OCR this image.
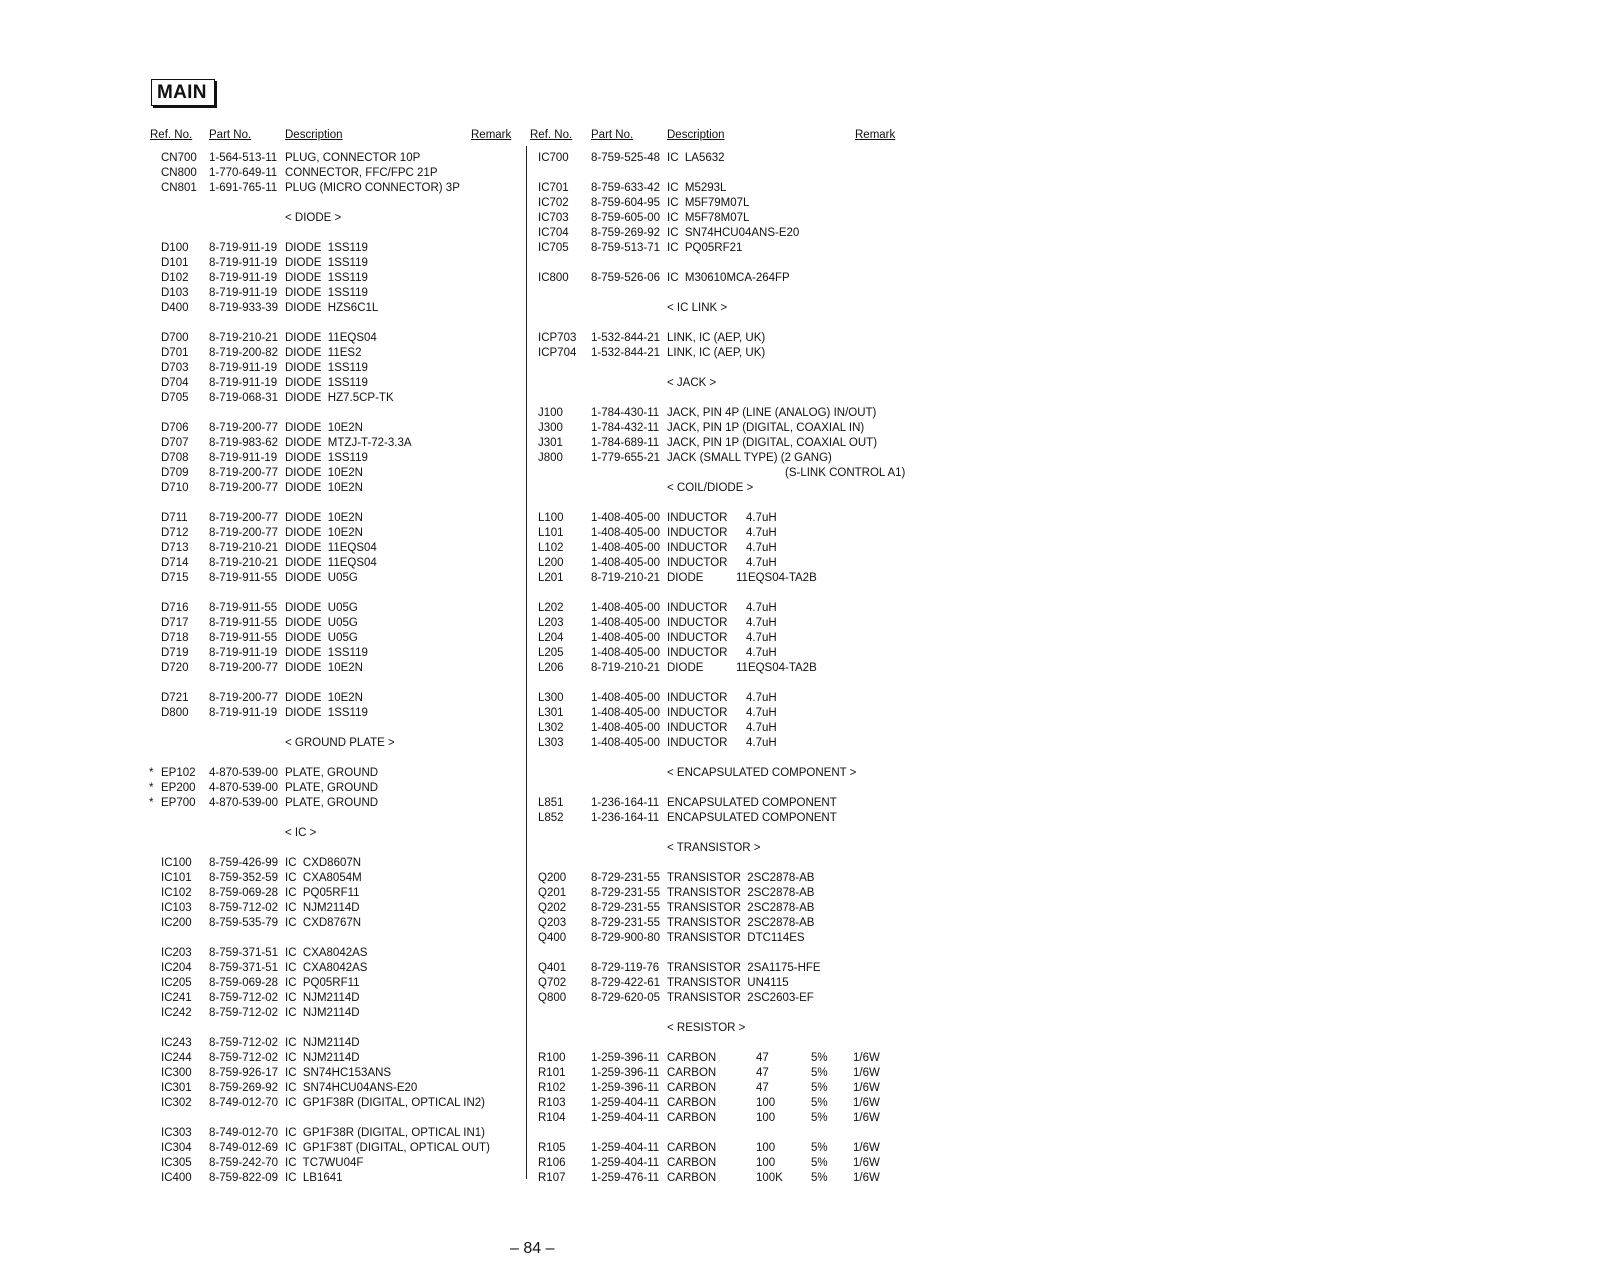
MAIN
Ref. No. Part No.	Description	Remark Ref. No. Part No.	Description	Remark
CN700 1-564-513-11 PLUG, CONNECTOR 10P
CN800 1-770-649-11 CONNECTOR, FFC/FPC 21P
CN801 1-691-765-11 PLUG (MICRO CONNECTOR) 3P
< DIODE >
D100 8-719-911-19 DIODE  1SS119
D101 8-719-911-19 DIODE  1SS119
D102 8-719-911-19 DIODE  1SS119
D103 8-719-911-19 DIODE  1SS119
D400 8-719-933-39 DIODE  HZS6C1L
D700 8-719-210-21 DIODE  11EQS04
D701 8-719-200-82 DIODE  11ES2
D703 8-719-911-19 DIODE  1SS119
D704 8-719-911-19 DIODE  1SS119
D705 8-719-068-31 DIODE  HZ7.5CP-TK
D706 8-719-200-77 DIODE  10E2N
D707 8-719-983-62 DIODE  MTZJ-T-72-3.3A
D708 8-719-911-19 DIODE  1SS119
D709 8-719-200-77 DIODE  10E2N
D710 8-719-200-77 DIODE  10E2N
D711 8-719-200-77 DIODE  10E2N
D712 8-719-200-77 DIODE  10E2N
D713 8-719-210-21 DIODE  11EQS04
D714 8-719-210-21 DIODE  11EQS04
D715 8-719-911-55 DIODE  U05G
D716 8-719-911-55 DIODE  U05G
D717 8-719-911-55 DIODE  U05G
D718 8-719-911-55 DIODE  U05G
D719 8-719-911-19 DIODE  1SS119
D720 8-719-200-77 DIODE  10E2N
D721 8-719-200-77 DIODE  10E2N
D800 8-719-911-19 DIODE  1SS119
< GROUND PLATE >
* EP102 4-870-539-00 PLATE, GROUND
* EP200 4-870-539-00 PLATE, GROUND
* EP700 4-870-539-00 PLATE, GROUND
< IC >
IC100 8-759-426-99 IC  CXD8607N
IC101 8-759-352-59 IC  CXA8054M
IC102 8-759-069-28 IC  PQ05RF11
IC103 8-759-712-02 IC  NJM2114D
IC200 8-759-535-79 IC  CXD8767N
IC203 8-759-371-51 IC  CXA8042AS
IC204 8-759-371-51 IC  CXA8042AS
IC205 8-759-069-28 IC  PQ05RF11
IC241 8-759-712-02 IC  NJM2114D
IC242 8-759-712-02 IC  NJM2114D
IC243 8-759-712-02 IC  NJM2114D
IC244 8-759-712-02 IC  NJM2114D
IC300 8-759-926-17 IC  SN74HC153ANS
IC301 8-759-269-92 IC  SN74HCU04ANS-E20
IC302 8-749-012-70 IC  GP1F38R (DIGITAL, OPTICAL IN2)
IC303 8-749-012-70 IC  GP1F38R (DIGITAL, OPTICAL IN1)
IC304 8-749-012-69 IC  GP1F38T (DIGITAL, OPTICAL OUT)
IC305 8-759-242-70 IC  TC7WU04F
IC400 8-759-822-09 IC  LB1641
IC700 8-759-525-48 IC  LA5632
IC701 8-759-633-42 IC  M5293L
IC702 8-759-604-95 IC  M5F79M07L
IC703 8-759-605-00 IC  M5F78M07L
IC704 8-759-269-92 IC  SN74HCU04ANS-E20
IC705 8-759-513-71 IC  PQ05RF21
IC800 8-759-526-06 IC  M30610MCA-264FP
< IC LINK >
ICP703 1-532-844-21 LINK, IC (AEP, UK)
ICP704 1-532-844-21 LINK, IC (AEP, UK)
< JACK >
J100 1-784-430-11 JACK, PIN 4P (LINE (ANALOG) IN/OUT)
J300 1-784-432-11 JACK, PIN 1P (DIGITAL, COAXIAL IN)
J301 1-784-689-11 JACK, PIN 1P (DIGITAL, COAXIAL OUT)
J800 1-779-655-21 JACK (SMALL TYPE) (2 GANG)
(S-LINK CONTROL A1)
< COIL/DIODE >
L100 1-408-405-00 INDUCTOR 4.7uH
L101 1-408-405-00 INDUCTOR 4.7uH
L102 1-408-405-00 INDUCTOR 4.7uH
L200 1-408-405-00 INDUCTOR 4.7uH
L201 8-719-210-21 DIODE	11EQS04-TA2B
L202 1-408-405-00 INDUCTOR 4.7uH
L203 1-408-405-00 INDUCTOR 4.7uH
L204 1-408-405-00 INDUCTOR 4.7uH
L205 1-408-405-00 INDUCTOR 4.7uH
L206 8-719-210-21 DIODE	11EQS04-TA2B
L300 1-408-405-00 INDUCTOR 4.7uH
L301 1-408-405-00 INDUCTOR 4.7uH
L302 1-408-405-00 INDUCTOR 4.7uH
L303 1-408-405-00 INDUCTOR 4.7uH
< ENCAPSULATED COMPONENT >
L851 1-236-164-11 ENCAPSULATED COMPONENT
L852 1-236-164-11 ENCAPSULATED COMPONENT
< TRANSISTOR >
Q200 8-729-231-55 TRANSISTOR  2SC2878-AB
Q201 8-729-231-55 TRANSISTOR  2SC2878-AB
Q202 8-729-231-55 TRANSISTOR  2SC2878-AB
Q203 8-729-231-55 TRANSISTOR  2SC2878-AB
Q400 8-729-900-80 TRANSISTOR  DTC114ES
Q401 8-729-119-76 TRANSISTOR  2SA1175-HFE
Q702 8-729-422-61 TRANSISTOR  UN4115
Q800 8-729-620-05 TRANSISTOR  2SC2603-EF
< RESISTOR >
R100 1-259-396-11 CARBON	47	5% 1/6W
R101 1-259-396-11 CARBON	47	5% 1/6W
R102 1-259-396-11 CARBON	47	5% 1/6W
R103 1-259-404-11 CARBON	100	5% 1/6W
R104 1-259-404-11 CARBON	100	5% 1/6W
R105 1-259-404-11 CARBON	100	5% 1/6W
R106 1-259-404-11 CARBON	100	5% 1/6W
R107 1-259-476-11 CARBON	100K 5% 1/6W
– 84 –
